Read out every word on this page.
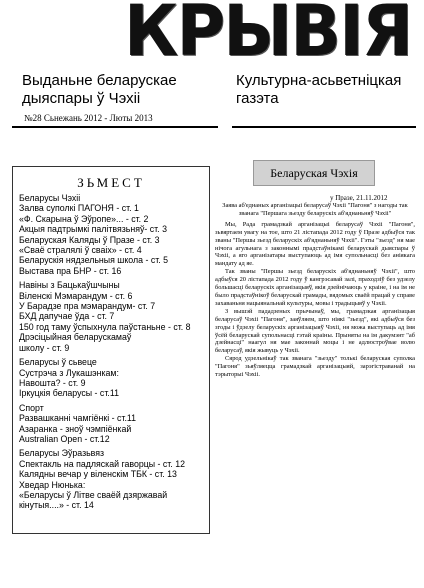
КРЫВІЯ
Выданьне беларускае дыяспары ў Чэхіі
Культурна-асьветніцкая газэта
№28 Сьнежань 2012 - Люты 2013
ЗЬМЕСТ
Беларусы Чэхіі
Залва суполкі ПАГОНЯ - ст. 1
«Ф. Скарына ў Эўропе»... - ст. 2
Акцыя падтрымкі палітвязьняў- ст. 3
Беларуская Каляды ў Празе - ст. 3
«Сваё стралялі ў сваіх» - ст. 4
Беларускія нядзельныя школа - ст. 5
Выстава пра БНР - ст. 16
Навіны з Бацькаўшчыны
Віленскі Мэмарандум - ст. 6
У Барадзе пра мэмарандум- ст. 7
БХД дапучае ўда - ст. 7
150 год таму ўспыхнула паўстаньне - ст. 8
Дрэсіцыйная беларускамаў
школу - ст. 9
Беларусы ў сьвеце
Сустрэча з Лукашэнкам:
Навошта? - ст. 9
Іркуцкія беларусы - ст.11
Спорт
Развашканні чамгіёнкі - ст.11
Азаранка - зноў чэмпіёнкай
Australian Open - ст.12
Беларусы Эўразьвяз
Спектакль на падляскай гаворцы - ст. 12
Калядны вечар у віленскім ТБК - ст. 13
Хведар Нюнька:
«Беларусы ў Літве сваёй дзяржавай
кінутыя....» - ст. 14
Беларуская Чэхія
у Празе, 21.11.2012

Заява аб'еднаных арганізацыі беларусаў Чэхіі "Пагоня" з нагоды так званага "Першага зьезду беларускіх аб'яднаньняў Чэхіі"

Мы, Рада грамадзкай арганізацыі беларусаў Чэхіі "Пагоня", зьвяртаем увагу на тое, што 21 лістапада 2012 году ў Празе адбыўся так званы "Першы зьезд беларускіх аб'яднаньняў Чэхіі". Гэты "зьезд" ня мае нічога агульнага з законнымі прадстаўнікамі беларускай дыяспары ў Чэхіі, а яго арганізатары выступаюць ад імя супольнасці без аніякага мандату ад яе.

Так званы "Першы зьезд беларускіх аб'яднаньняў Чэхіі", што адбыўся 20 лістапада 2012 году ў кангрэсавай залі, праходзіў без удзелу большасці беларускіх арганізацыяў, якія дзейнічаюць у краіне, і на ім не было прадстаўнікоў беларускай грамады, вядомых сваёй працай у справе захаваньня нацыянальнай культуры, мовы і традыцыяў у Чэхіі.

З вышэй пададзеных прычынаў, мы, грамадзкая арганізацыя беларусаў Чэхіі "Пагоня", заяўляем, што ніякі "зьезд", які адбыўся без згоды і ўдзелу беларускіх арганізацыяў Чэхіі, ня можа выступаць ад імя ўсёй беларускай супольнасці гэтай краіны. Прыняты на ім дакумэнт "аб дзейнасці" наагул ня мае законнай моцы і не адлюстроўвае волю беларусаў, якія жывуць у Чэхіі.

Сярод удзельнікаў так званага "зьезду" толькі беларуская суполка "Пагоня" зьяўляецца грамадзкай арганізацыяй, зарэгістраванай на тэрыторыі Чэхіі.
